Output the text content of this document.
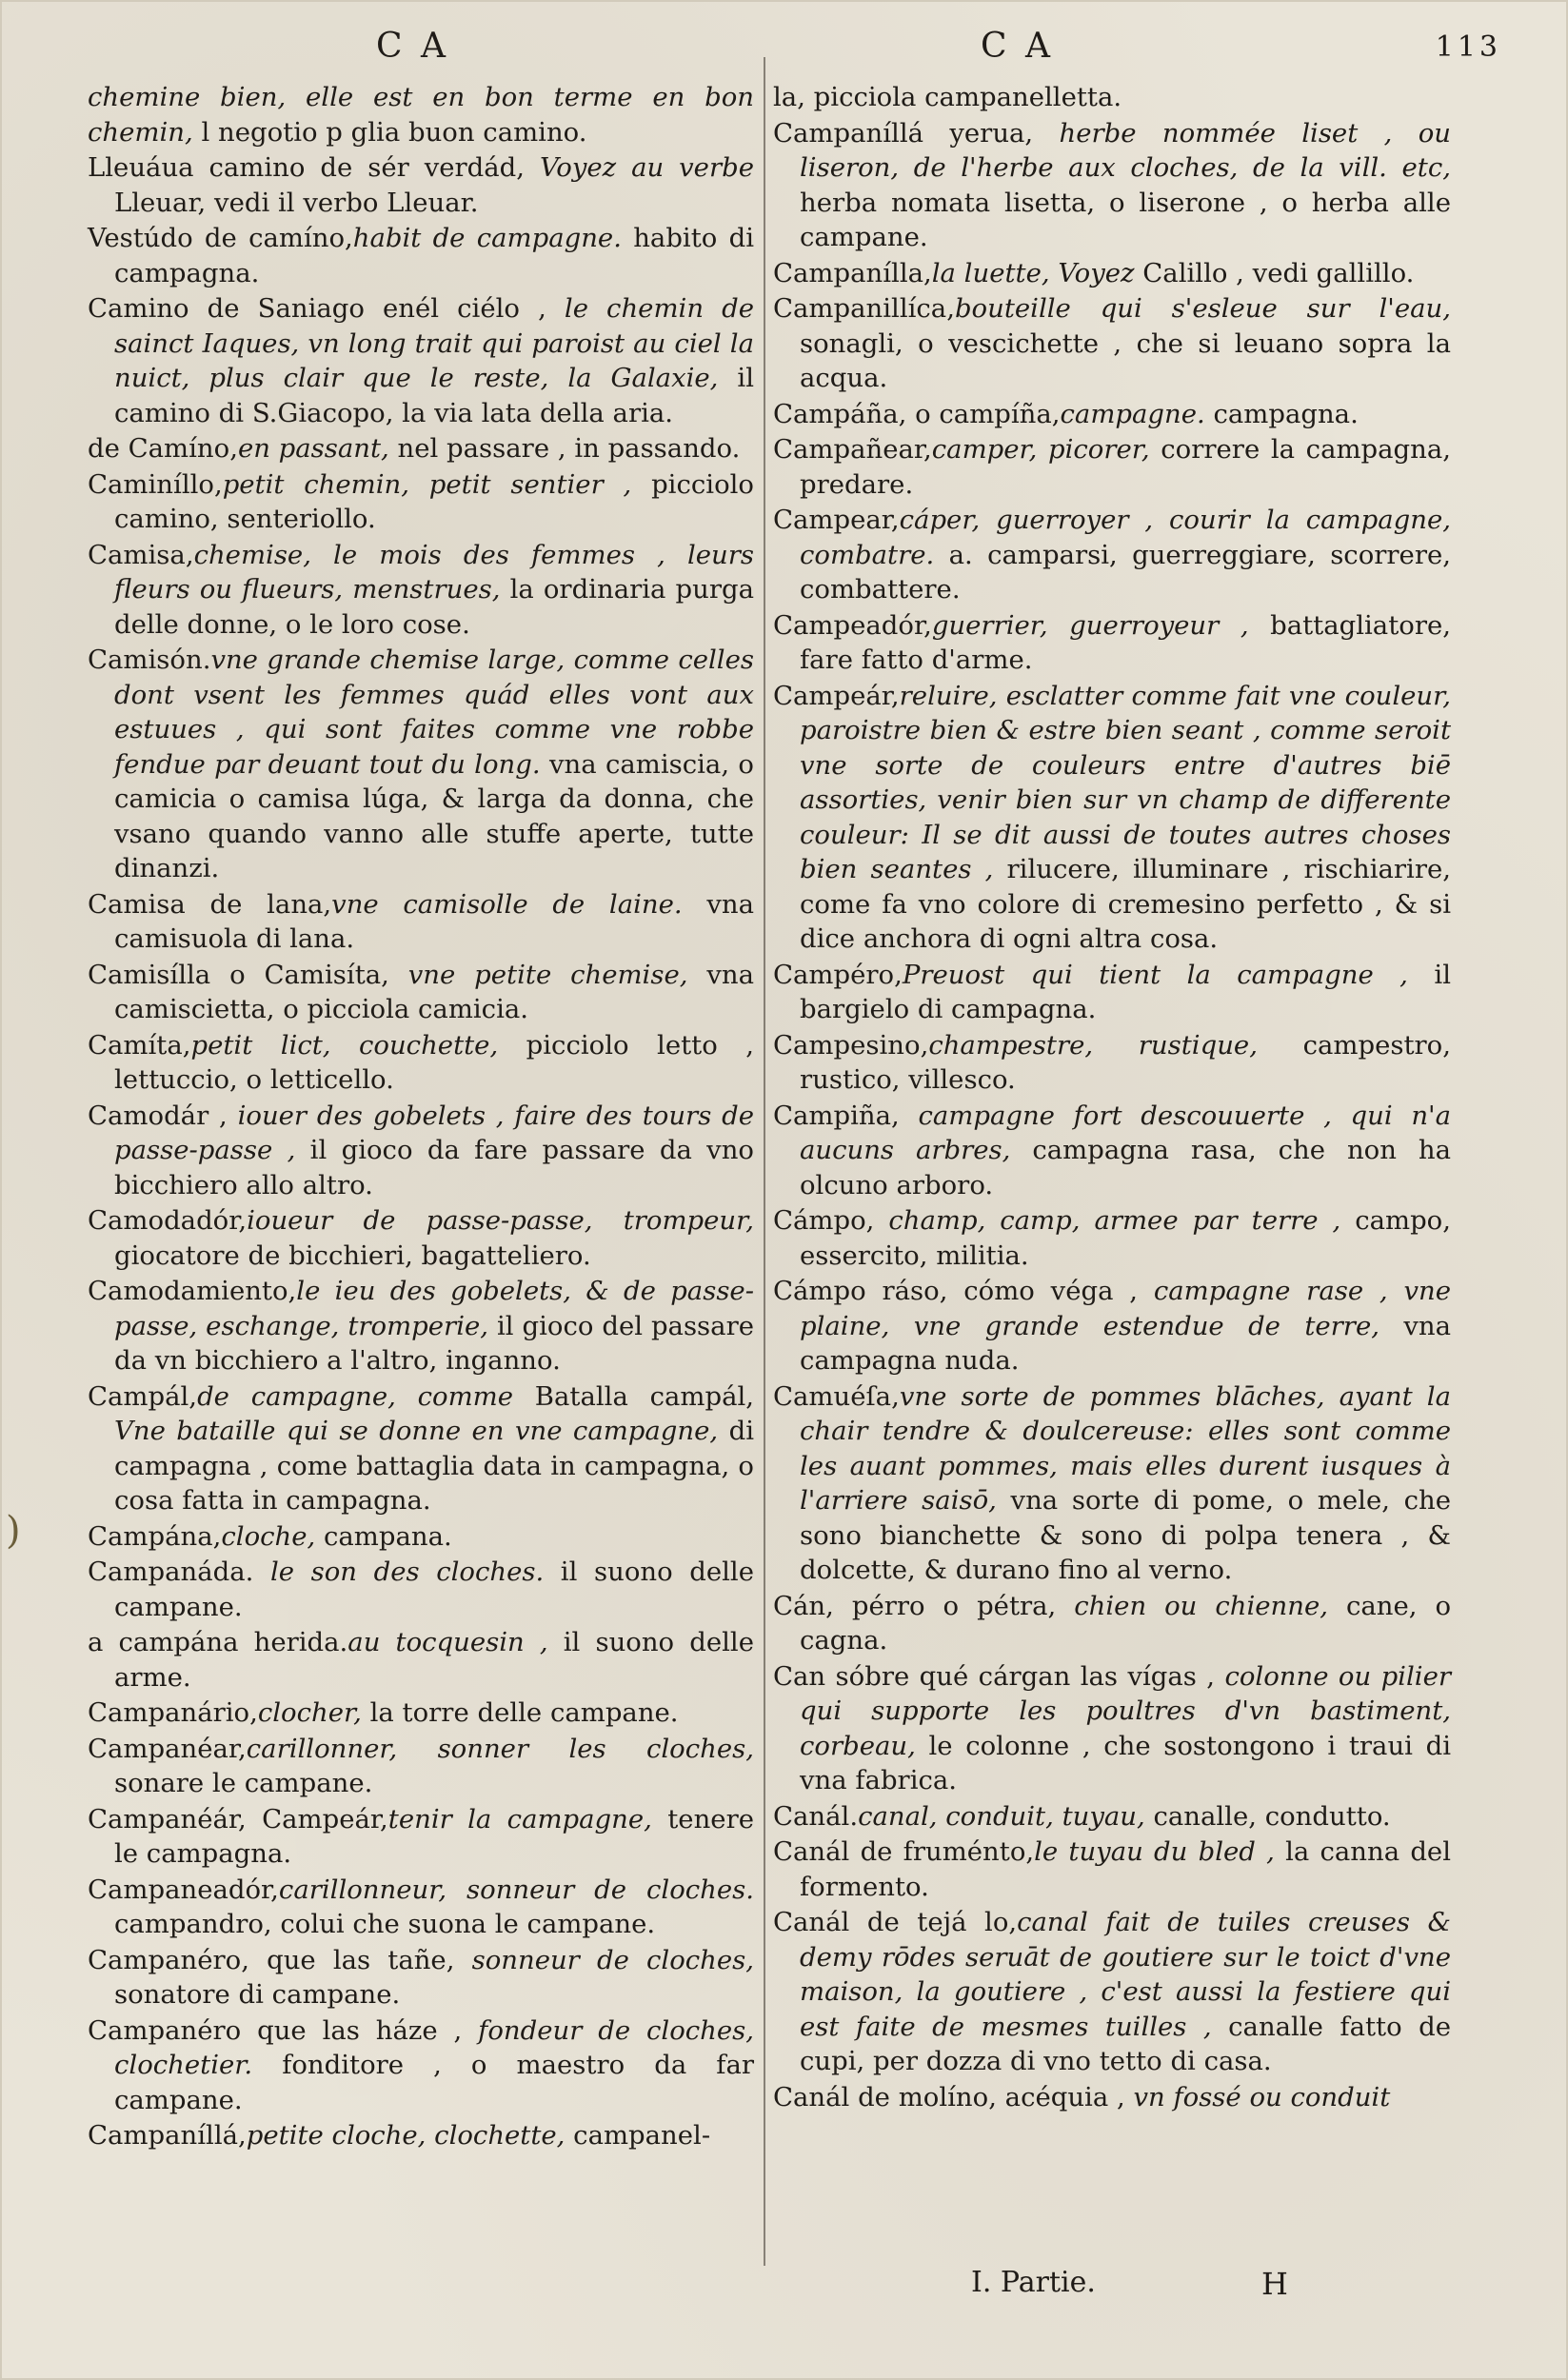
C A	C A	113
)

chemine bien, elle est en bon terme en bon chemin, l negotio p glia buon camino.

Lleuáua camino de sér verdád, Voyez au verbe Lleuar, vedi il verbo Lleuar.

Vestúdo de camíno,habit de campagne. habito di campagna.

Camino de Saniago enél ciélo , le chemin de sainct Iaques, vn long trait qui paroist au ciel la nuict, plus clair que le reste, la Galaxie, il camino di S.Giacopo, la via lata della aria.

de Camíno,en passant, nel passare , in passando.

Caminíllo,petit chemin, petit sentier , picciolo camino, senteriollo.

Camisa,chemise, le mois des femmes , leurs fleurs ou flueurs, menstrues, la ordinaria purga delle donne, o le loro cose.

Camisón.vne grande chemise large, comme celles dont vsent les femmes quád elles vont aux estuues , qui sont faites comme vne robbe fendue par deuant tout du long. vna camiscia, o camicia o camisa lúga, & larga da donna, che vsano quando vanno alle stuffe aperte, tutte dinanzi.

Camisa de lana,vne camisolle de laine. vna camisuola di lana.

Camisílla o Camisíta, vne petite chemise, vna camiscietta, o picciola camicia.

Camíta,petit lict, couchette, picciolo letto , lettuccio, o letticello.

Camodár , iouer des gobelets , faire des tours de passe-passe , il gioco da fare passare da vno bicchiero allo altro.

Camodadór,ioueur de passe-passe, trompeur, giocatore de bicchieri, bagatteliero.

Camodamiento,le ieu des gobelets, & de passe-passe, eschange, tromperie, il gioco del passare da vn bicchiero a l'altro, inganno.

Campál,de campagne, comme Batalla campál, Vne bataille qui se donne en vne campagne, di campagna , come battaglia data in campagna, o cosa fatta in campagna.

Campána,cloche, campana.

Campanáda. le son des cloches. il suono delle campane.

a campána herida.au tocquesin , il suono delle arme.

Campanário,clocher, la torre delle campane.

Campanéar,carillonner, sonner les cloches, sonare le campane.

Campanéár, Campeár,tenir la campagne, tenere le campagna.

Campaneadór,carillonneur, sonneur de cloches. campandro, colui che suona le campane.

Campanéro, que las tañe, sonneur de cloches, sonatore di campane.

Campanéro que las háze , fondeur de cloches, clochetier. fonditore , o maestro da far campane.

Campaníllá,petite cloche, clochette, campanel-

la, picciola campanelletta.

Campaníllá yerua, herbe nommée liset , ou liseron, de l'herbe aux cloches, de la vill. etc, herba nomata lisetta, o liserone , o herba alle campane.

Campanílla,la luette, Voyez Calillo , vedi gallillo.

Campanillíca,bouteille qui s'esleue sur l'eau, sonagli, o vescichette , che si leuano sopra la acqua.

Campáña, o campíña,campagne. campagna.

Campañear,camper, picorer, correre la campagna, predare.

Campear,cáper, guerroyer , courir la campagne, combatre. a. camparsi, guerreggiare, scorrere, combattere.

Campeadór,guerrier, guerroyeur , battagliatore, fare fatto d'arme.

Campeár,reluire, esclatter comme fait vne couleur, paroistre bien & estre bien seant , comme seroit vne sorte de couleurs entre d'autres biē assorties, venir bien sur vn champ de differente couleur: Il se dit aussi de toutes autres choses bien seantes , rilucere, illuminare , rischiarire, come fa vno colore di cremesino perfetto , & si dice anchora di ogni altra cosa.

Campéro,Preuost qui tient la campagne , il bargielo di campagna.

Campesino,champestre, rustique, campestro, rustico, villesco.

Campiña, campagne fort descouuerte , qui n'a aucuns arbres, campagna rasa, che non ha olcuno arboro.

Cámpo, champ, camp, armee par terre , campo, essercito, militia.

Cámpo ráso, cómo véga , campagne rase , vne plaine, vne grande estendue de terre, vna campagna nuda.

Camuéſa,vne sorte de pommes blāches, ayant la chair tendre & doulcereuse: elles sont comme les auant pommes, mais elles durent iusques à l'arriere saisō, vna sorte di pome, o mele, che sono bianchette & sono di polpa tenera , & dolcette, & durano fino al verno.

Cán, pérro o pétra, chien ou chienne, cane, o cagna.

Can sóbre qué cárgan las vígas , colonne ou pilier qui supporte les poultres d'vn bastiment, corbeau, le colonne , che sostongono i traui di vna fabrica.

Canál.canal, conduit, tuyau, canalle, condutto.

Canál de fruménto,le tuyau du bled , la canna del formento.

Canál de tejá lo,canal fait de tuiles creuses & demy rōdes seruāt de goutiere sur le toict d'vne maison, la goutiere , c'est aussi la festiere qui est faite de mesmes tuilles , canalle fatto de cupi, per dozza di vno tetto di casa.

Canál de molíno, acéquia , vn fossé ou conduit

I. Partie.	H
